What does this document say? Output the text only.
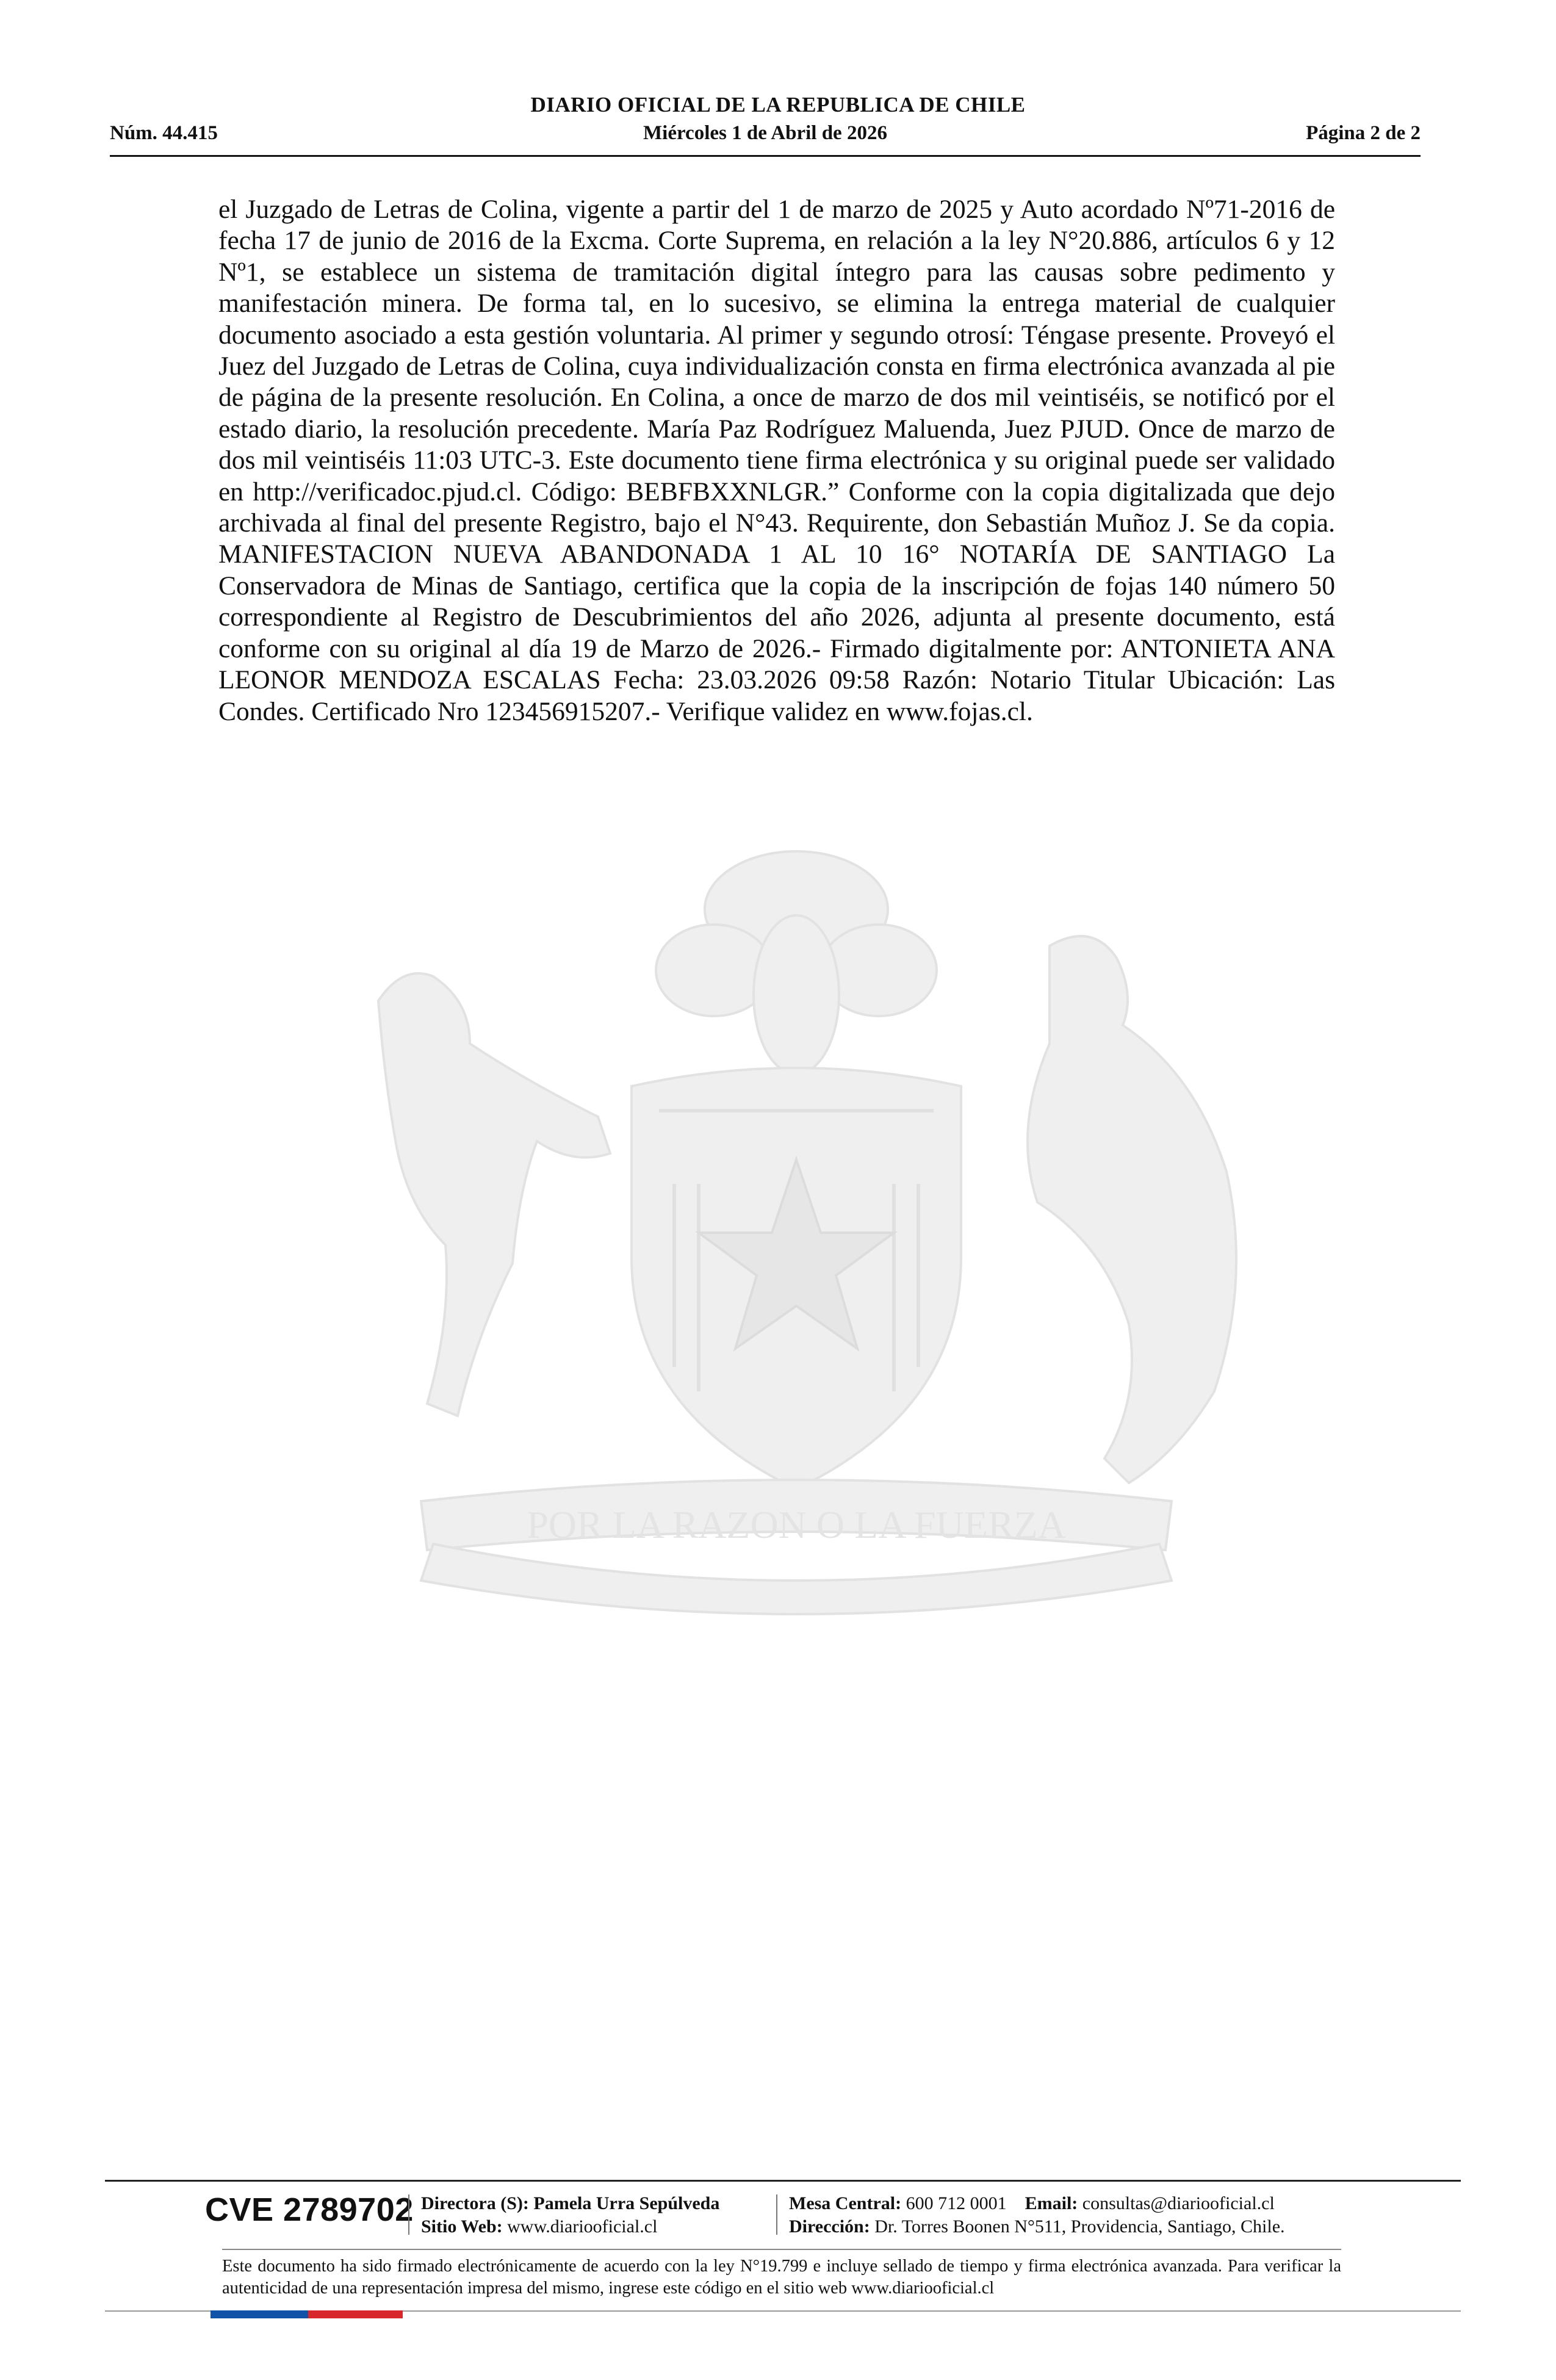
DIARIO OFICIAL DE LA REPUBLICA DE CHILE
Núm. 44.415	Miércoles 1 de Abril de 2026	Página 2 de 2

el Juzgado de Letras de Colina, vigente a partir del 1 de marzo de 2025 y Auto acordado Nº71-2016 de fecha 17 de junio de 2016 de la Excma. Corte Suprema, en relación a la ley N°20.886, artículos 6 y 12 Nº1, se establece un sistema de tramitación digital íntegro para las causas sobre pedimento y manifestación minera. De forma tal, en lo sucesivo, se elimina la entrega material de cualquier documento asociado a esta gestión voluntaria. Al primer y segundo otrosí: Téngase presente. Proveyó el Juez del Juzgado de Letras de Colina, cuya individualización consta en firma electrónica avanzada al pie de página de la presente resolución. En Colina, a once de marzo de dos mil veintiséis, se notificó por el estado diario, la resolución precedente. María Paz Rodríguez Maluenda, Juez PJUD. Once de marzo de dos mil veintiséis 11:03 UTC-3. Este documento tiene firma electrónica y su original puede ser validado en http://verificadoc.pjud.cl. Código: BEBFBXXNLGR.” Conforme con la copia digitalizada que dejo archivada al final del presente Registro, bajo el N°43. Requirente, don Sebastián Muñoz J. Se da copia. MANIFESTACION NUEVA ABANDONADA 1 AL 10 16° NOTARÍA DE SANTIAGO La Conservadora de Minas de Santiago, certifica que la copia de la inscripción de fojas 140 número 50 correspondiente al Registro de Descubrimientos del año 2026, adjunta al presente documento, está conforme con su original al día 19 de Marzo de 2026.- Firmado digitalmente por: ANTONIETA ANA LEONOR MENDOZA ESCALAS Fecha: 23.03.2026 09:58 Razón: Notario Titular Ubicación: Las Condes. Certificado Nro 123456915207.- Verifique validez en www.fojas.cl.

POR LA RAZON O LA FUERZA
CVE 2789702 Directora (S): Pamela Urra Sepúlveda
Sitio Web: www.diariooficial.cl
Mesa Central: 600 712 0001 Email: consultas@diariooficial.cl
Dirección: Dr. Torres Boonen N°511, Providencia, Santiago, Chile.
Este documento ha sido firmado electrónicamente de acuerdo con la ley N°19.799 e incluye sellado de tiempo y firma electrónica avanzada. Para verificar la autenticidad de una representación impresa del mismo, ingrese este código en el sitio web www.diariooficial.cl
